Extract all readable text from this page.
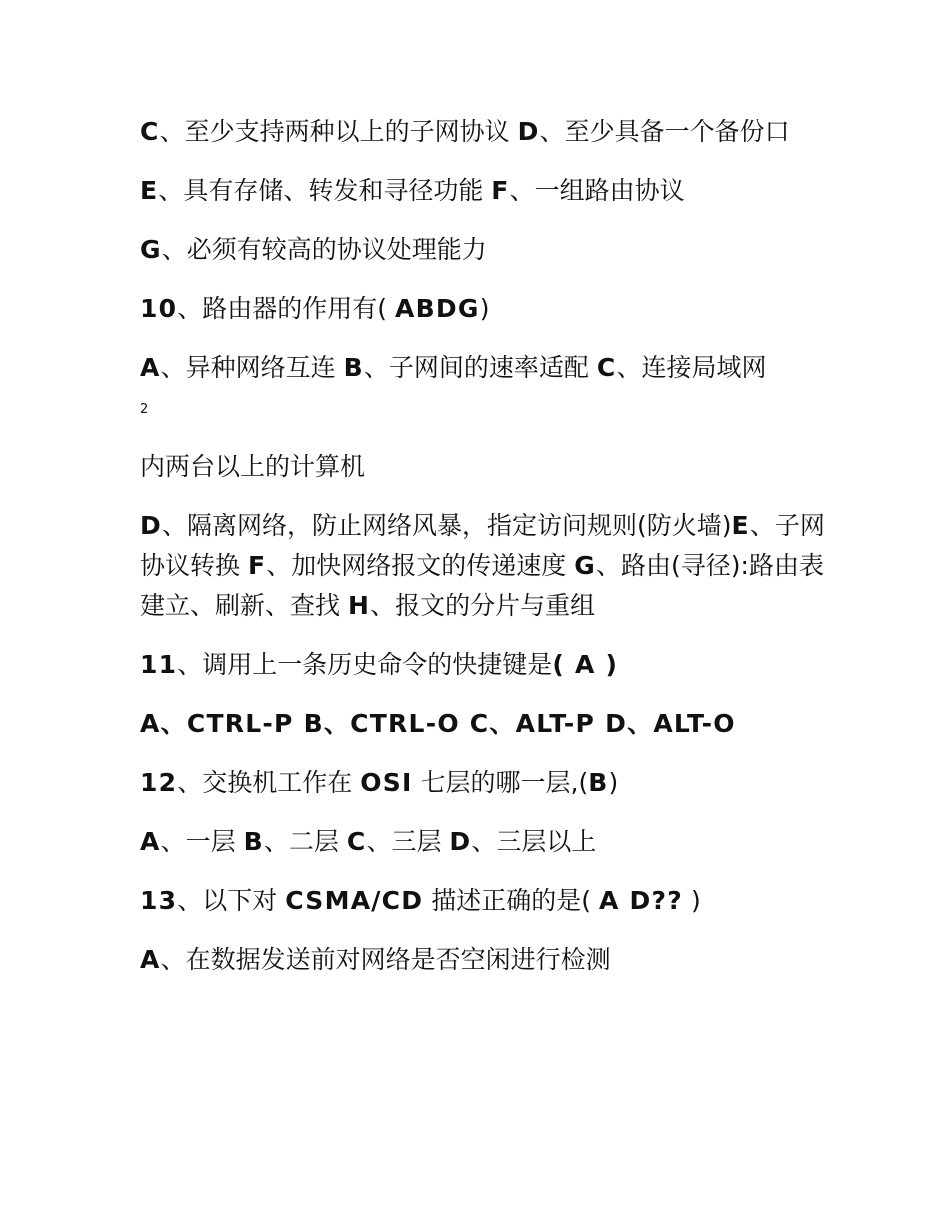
C、至少支持两种以上的子网协议 D、至少具备一个备份口
E、具有存储、转发和寻径功能 F、一组路由协议
G、必须有较高的协议处理能力
10、路由器的作用有( ABDG)
A、异种网络互连 B、子网间的速率适配 C、连接局域网
2
内两台以上的计算机
D、隔离网络，防止网络风暴，指定访问规则(防火墙)E、子网协议转换 F、加快网络报文的传递速度 G、路由(寻径):路由表建立、刷新、查找 H、报文的分片与重组
11、调用上一条历史命令的快捷键是( A )
A、CTRL-P B、CTRL-O C、ALT-P D、ALT-O
12、交换机工作在 OSI 七层的哪一层,(B)
A、一层 B、二层 C、三层 D、三层以上
13、以下对 CSMA/CD 描述正确的是( A D?? )
A、在数据发送前对网络是否空闲进行检测
